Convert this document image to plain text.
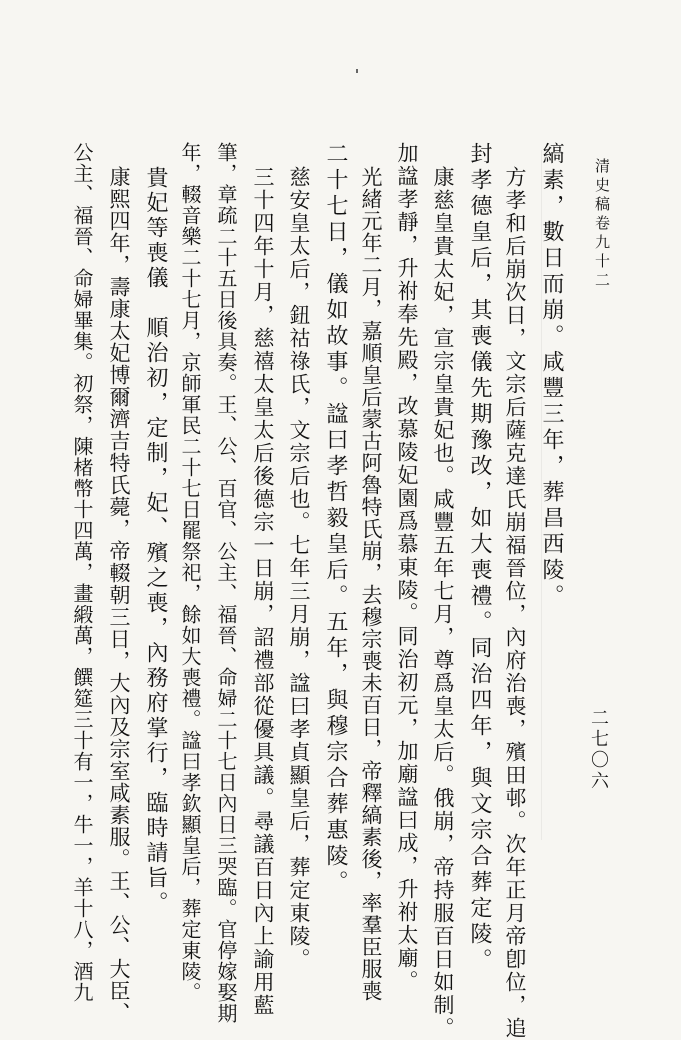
清史稿卷九十二
縞素，數日而崩。咸豐三年，葬昌西陵。
方孝和后崩次日，文宗后薩克達氏崩福晉位，內府治喪，殯田邨。次年正月帝卽位，追
封孝德皇后，其喪儀先期豫改，如大喪禮。同治四年，與文宗合葬定陵。
康慈皇貴太妃，宣宗皇貴妃也。咸豐五年七月，尊爲皇太后。俄崩，帝持服百日如制。
加諡孝靜，升祔奉先殿，改慕陵妃園爲慕東陵。同治初元，加廟諡曰成，升祔太廟。
光緒元年二月，嘉順皇后蒙古阿魯特氏崩，去穆宗喪未百日，帝釋縞素後，率羣臣服喪
二十七日，儀如故事。諡曰孝哲毅皇后。五年，與穆宗合葬惠陵。
慈安皇太后，鈕祜祿氏，文宗后也。七年三月崩，諡曰孝貞顯皇后，葬定東陵。
三十四年十月，慈禧太皇太后後德宗一日崩，詔禮部從優具議。尋議百日內上諭用藍
筆，章疏二十五日後具奏。王、公、百官、公主、福晉、命婦二十七日內日三哭臨。官停嫁娶期
年，輟音樂二十七月，京師軍民二十七日罷祭祀，餘如大喪禮。諡曰孝欽顯皇后，葬定東陵。
貴妃等喪儀　順治初，定制，妃、殯之喪，內務府掌行，臨時請旨。
康熙四年，壽康太妃博爾濟吉特氏薨，帝輟朝三日，大內及宗室咸素服。王、公、大臣、
公主、福晉、命婦畢集。初祭，陳楮幣十四萬，畫緞萬，饌筵三十有一，牛一，羊十八，酒九	二七〇六
